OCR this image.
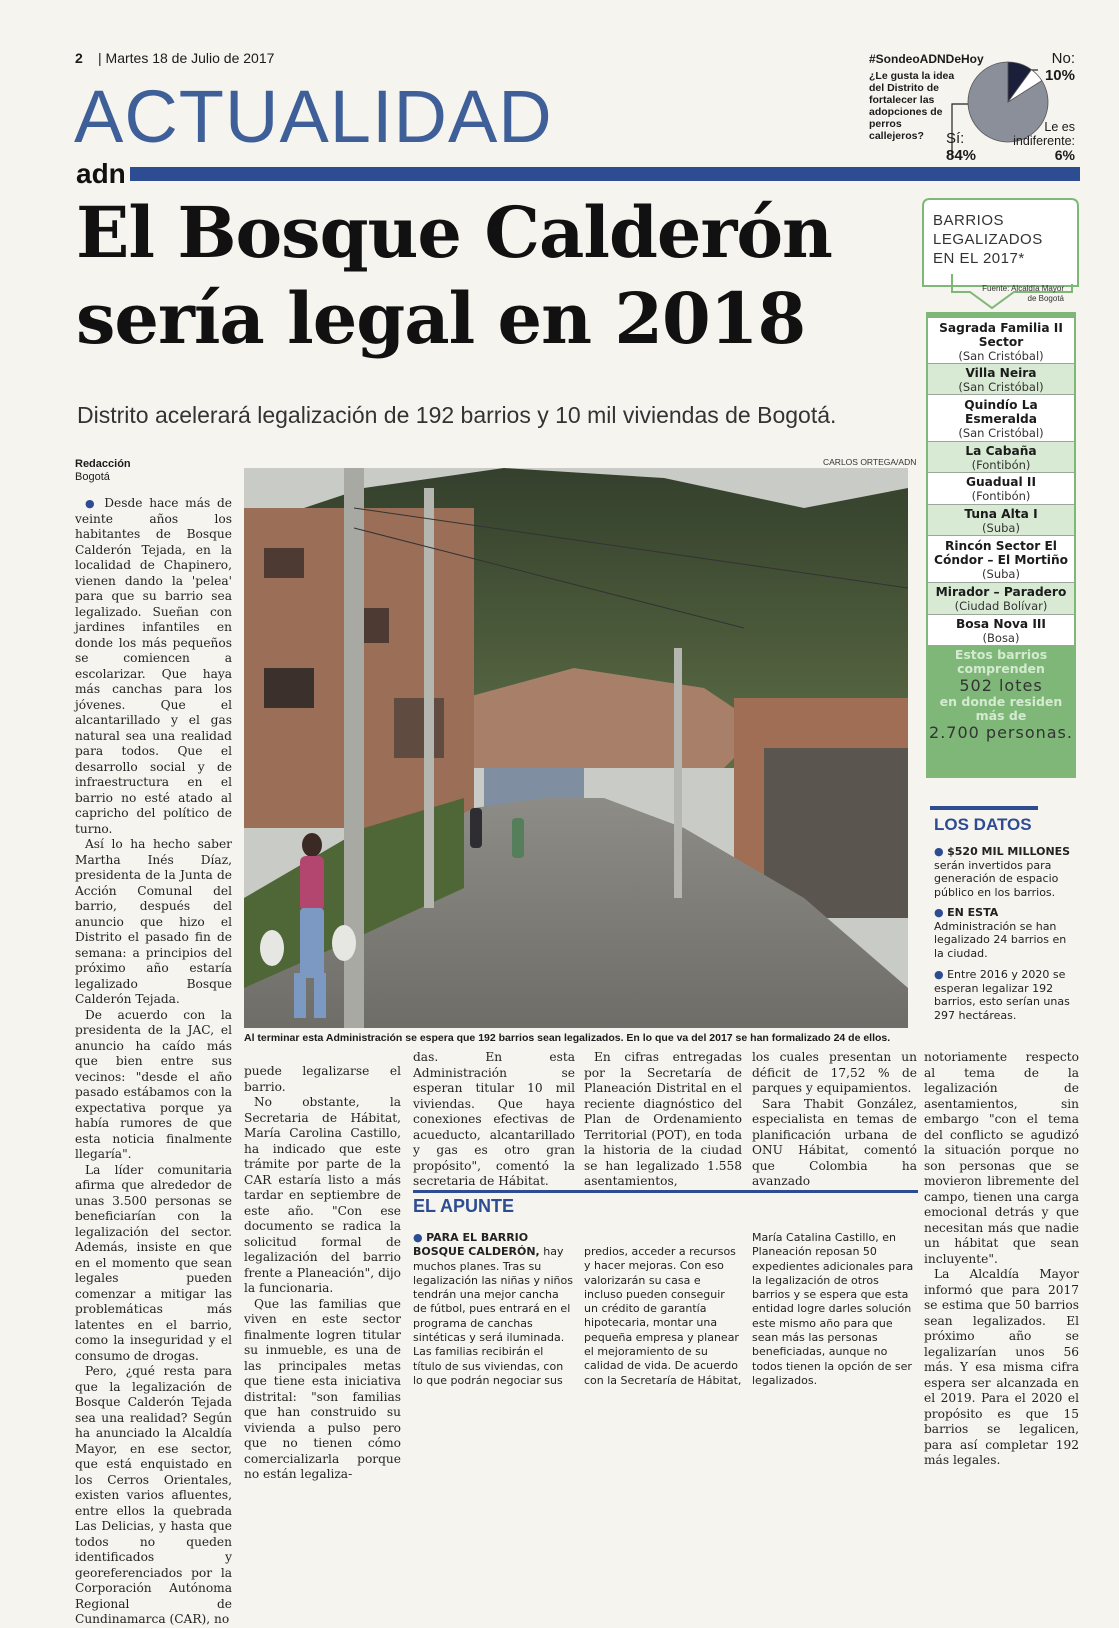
2 | Martes 18 de Julio de 2017
ACTUALIDAD
adn
#SondeoADNDeHoy
¿Le gusta la idea del Distrito de fortalecer las adopciones de perros callejeros?
No:
10%
Le es indiferente:
6%
Sí:
84%
El Bosque Calderón
sería legal en 2018
Distrito acelerará legalización de 192 barrios y 10 mil viviendas de Bogotá.
Redacción
Bogotá
CARLOS ORTEGA/ADN
Al terminar esta Administración se espera que 192 barrios sean legalizados. En lo que va del 2017 se han formalizado 24 de ellos.

● Desde hace más de veinte años los habitantes de Bosque Calderón Tejada, en la localidad de Chapinero, vienen dando la 'pelea' para que su barrio sea legalizado. Sueñan con jardines infantiles en donde los más pequeños se comiencen a escolarizar. Que haya más canchas para los jóvenes. Que el alcantarillado y el gas natural sea una realidad para todos. Que el desarrollo social y de infraestructura en el barrio no esté atado al capricho del político de turno.

Así lo ha hecho saber Martha Inés Díaz, presidenta de la Junta de Acción Comunal del barrio, después del anuncio que hizo el Distrito el pasado fin de semana: a principios del próximo año estaría legalizado Bosque Calderón Tejada.

De acuerdo con la presidenta de la JAC, el anuncio ha caído más que bien entre sus vecinos: "desde el año pasado estábamos con la expectativa porque ya había rumores de que esta noticia finalmente llegaría".

La líder comunitaria afirma que alrededor de unas 3.500 personas se beneficiarían con la legalización del sector. Además, insiste en que en el momento que sean legales pueden comenzar a mitigar las problemáticas más latentes en el barrio, como la inseguridad y el consumo de drogas.

Pero, ¿qué resta para que la legalización de Bosque Calderón Tejada sea una realidad? Según ha anunciado la Alcaldía Mayor, en ese sector, que está enquistado en los Cerros Orientales, existen varios afluentes, entre ellos la quebrada Las Delicias, y hasta que todos no queden identificados y georeferenciados por la Corporación Autónoma Regional de Cundinamarca (CAR), no

puede legalizarse el barrio.

No obstante, la Secretaria de Hábitat, María Carolina Castillo, ha indicado que este trámite por parte de la CAR estaría listo a más tardar en septiembre de este año. "Con ese documento se radica la solicitud formal de legalización del barrio frente a Planeación", dijo la funcionaria.

Que las familias que viven en este sector finalmente logren titular su inmueble, es una de las principales metas que tiene esta iniciativa distrital: "son familias que han construido su vivienda a pulso pero que no tienen cómo comercializarla porque no están legaliza-

das. En esta Administración se esperan titular 10 mil viviendas. Que haya conexiones efectivas de acueducto, alcantarillado y gas es otro gran propósito", comentó la secretaria de Hábitat.

En cifras entregadas por la Secretaría de Planeación Distrital en el reciente diagnóstico del Plan de Ordenamiento Territorial (POT), en toda la historia de la ciudad se han legalizado 1.558 asentamientos,

los cuales presentan un déficit de 17,52 % de parques y equipamientos.

Sara Thabit González, especialista en temas de planificación urbana de ONU Hábitat, comentó que Colombia ha avanzado

notoriamente respecto al tema de la legalización de asentamientos, sin embargo "con el tema del conflicto se agudizó la situación porque no son personas que se movieron libremente del campo, tienen una carga emocional detrás y que necesitan más que nadie un hábitat que sean incluyente".

La Alcaldía Mayor informó que para 2017 se estima que 50 barrios sean legalizados. El próximo año se legalizarían unos 56 más. Y esa misma cifra espera ser alcanzada en el 2019. Para el 2020 el propósito es que 15 barrios se legalicen, para así completar 192 más legales.

EL APUNTE
● PARA EL BARRIO BOSQUE CALDERÓN, hay muchos planes. Tras su legalización las niñas y niños tendrán una mejor cancha de fútbol, pues entrará en el programa de canchas sintéticas y será iluminada. Las familias recibirán el título de sus viviendas, con lo que podrán negociar sus
predios, acceder a recursos y hacer mejoras. Con eso valorizarán su casa e incluso pueden conseguir un crédito de garantía hipotecaria, montar una pequeña empresa y planear el mejoramiento de su calidad de vida. De acuerdo con la Secretaría de Hábitat,
María Catalina Castillo, en Planeación reposan 50 expedientes adicionales para la legalización de otros barrios y se espera que esta entidad logre darles solución este mismo año para que sean más las personas beneficiadas, aunque no todos tienen la opción de ser legalizados.
BARRIOS LEGALIZADOS EN EL 2017*
Fuente: Alcaldía Mayor de Bogotá
Sagrada Familia II Sector
(San Cristóbal)
Villa Neira
(San Cristóbal)
Quindío La Esmeralda
(San Cristóbal)
La Cabaña
(Fontibón)
Guadual II
(Fontibón)
Tuna Alta I
(Suba)
Rincón Sector El Cóndor – El Mortiño
(Suba)
Mirador – Paradero
(Ciudad Bolívar)
Bosa Nova III
(Bosa)
Estos barrios comprenden
502 lotes
en donde residen más de
2.700 personas.
LOS DATOS
● $520 MIL MILLONES serán invertidos para generación de espacio público en los barrios.
● EN ESTA Administración se han legalizado 24 barrios en la ciudad.
● Entre 2016 y 2020 se esperan legalizar 192 barrios, esto serían unas 297 hectáreas.
